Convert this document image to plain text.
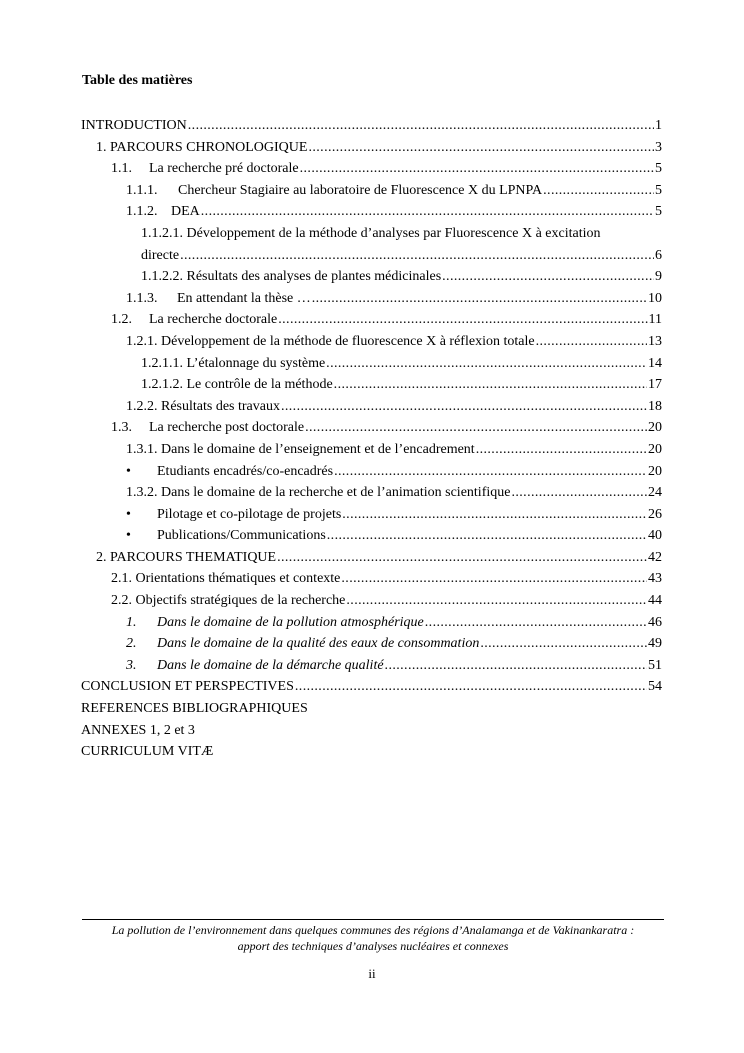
Table des matières
INTRODUCTION .....	1
1. PARCOURS CHRONOLOGIQUE .....	3
1.1. La recherche pré doctorale .....	5
1.1.1. Chercheur Stagiaire au laboratoire de Fluorescence X du LPNPA .....	5
1.1.2. DEA .....	5
1.1.2.1. Développement de la méthode d’analyses par Fluorescence X à excitation
directe .....	6
1.1.2.2. Résultats des analyses de plantes médicinales .....	9
1.1.3. En attendant la thèse … .....	10
1.2. La recherche doctorale .....	11
1.2.1. Développement de la méthode de fluorescence X à réflexion totale .....	13
1.2.1.1. L’étalonnage du système .....	14
1.2.1.2. Le contrôle de la méthode .....	17
1.2.2. Résultats des travaux .....	18
1.3. La recherche post doctorale .....	20
1.3.1. Dans le domaine de l’enseignement et de l’encadrement .....	20
• Etudiants encadrés/co-encadrés .....	20
1.3.2. Dans le domaine de la recherche et de l’animation scientifique .....	24
• Pilotage et co-pilotage de projets .....	26
• Publications/Communications .....	40
2. PARCOURS THEMATIQUE .....	42
2.1. Orientations thématiques et contexte .....	43
2.2. Objectifs stratégiques de la recherche .....	44
1. Dans le domaine de la pollution atmosphérique .....	46
2. Dans le domaine de la qualité des eaux de consommation .....	49
3. Dans le domaine de la démarche qualité .....	51
CONCLUSION ET PERSPECTIVES .....	54
REFERENCES BIBLIOGRAPHIQUES
ANNEXES 1, 2 et 3
CURRICULUM VITÆ
La pollution de l’environnement dans quelques communes des régions d’Analamanga et de Vakinankaratra :
apport des techniques d’analyses nucléaires et connexes
ii
